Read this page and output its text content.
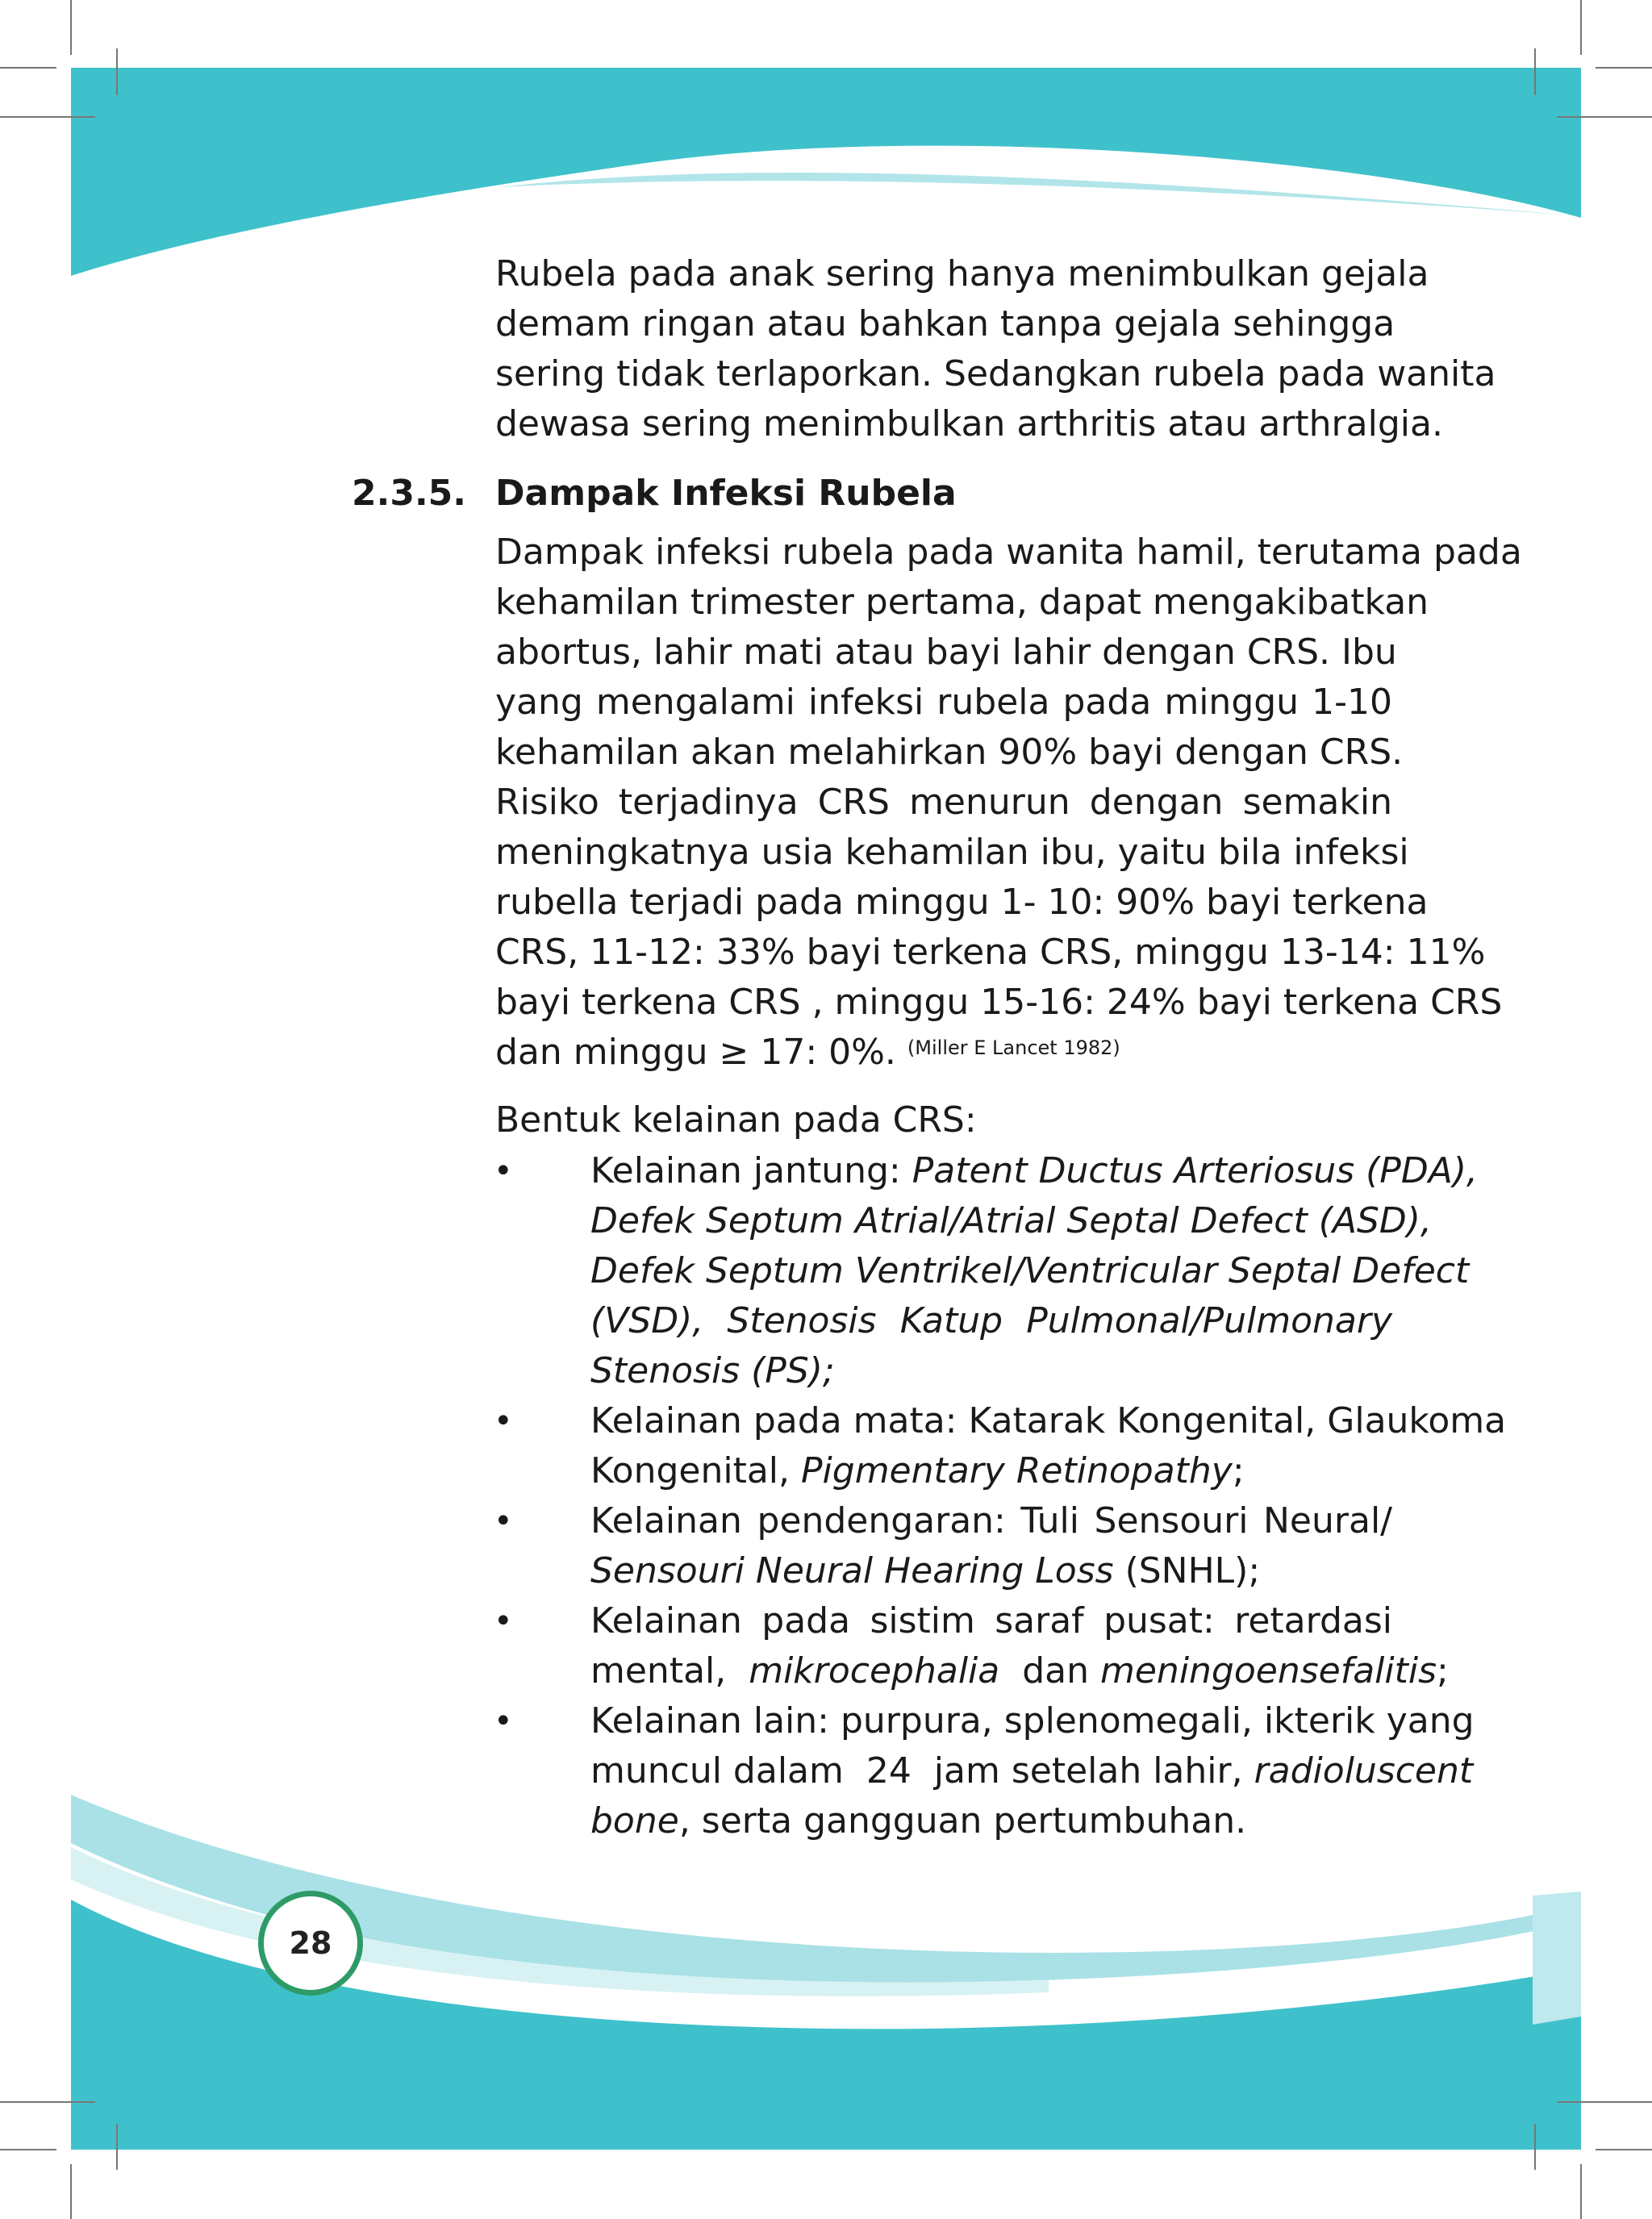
Rubela pada anak sering hanya menimbulkan gejala
demam ringan atau bahkan tanpa gejala sehingga
sering tidak terlaporkan. Sedangkan rubela pada wanita
dewasa sering menimbulkan arthritis atau arthralgia.
2.3.5. Dampak Infeksi Rubela
Dampak infeksi rubela pada wanita hamil, terutama pada
kehamilan trimester pertama, dapat mengakibatkan
abortus, lahir mati atau bayi lahir dengan CRS. Ibu
yang mengalami infeksi rubela pada minggu 1-10
kehamilan akan melahirkan 90% bayi dengan CRS.
Risiko terjadinya CRS menurun dengan semakin
meningkatnya usia kehamilan ibu, yaitu bila infeksi
rubella terjadi pada minggu 1- 10: 90% bayi terkena
CRS, 11-12: 33% bayi terkena CRS, minggu 13-14: 11%
bayi terkena CRS , minggu 15-16: 24% bayi terkena CRS
dan minggu ≥ 17: 0%. $^{(Miller E Lancet 1982)}$
Bentuk kelainan pada CRS:
• Kelainan jantung: Patent Ductus Arteriosus (PDA),
Defek Septum Atrial/Atrial Septal Defect (ASD),
Defek Septum Ventrikel/Ventricular Septal Defect
(VSD), Stenosis Katup Pulmonal/Pulmonary
Stenosis (PS);
• Kelainan pada mata: Katarak Kongenital, Glaukoma
Kongenital, Pigmentary Retinopathy;
• Kelainan pendengaran: Tuli Sensouri Neural/
Sensouri Neural Hearing Loss (SNHL);
• Kelainan pada sistim saraf pusat: retardasi
mental,  mikrocephalia  dan meningoensefalitis;
• Kelainan lain: purpura, splenomegali, ikterik yang
muncul dalam  24  jam setelah lahir, radioluscent
bone, serta gangguan pertumbuhan.
28
